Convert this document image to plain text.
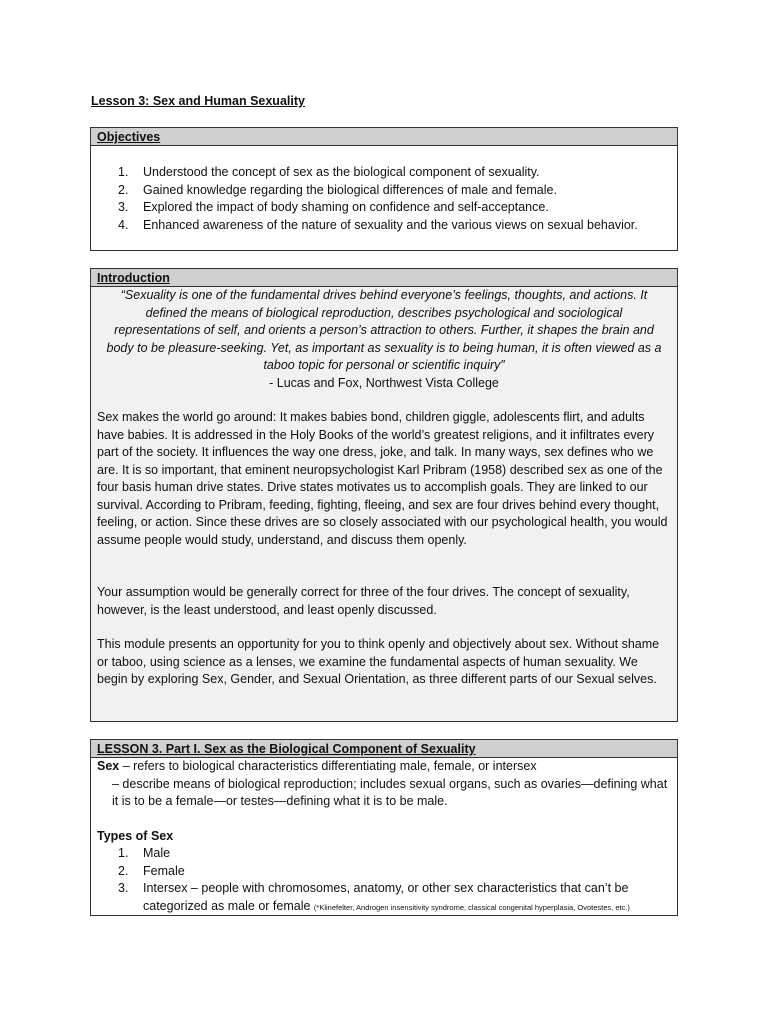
Lesson 3: Sex and Human Sexuality
Objectives
1.	Understood the concept of sex as the biological component of sexuality.
2.	Gained knowledge regarding the biological differences of male and female.
3.	Explored the impact of body shaming on confidence and self-acceptance.
4.	Enhanced awareness of the nature of sexuality and the various views on sexual behavior.
Introduction
“Sexuality is one of the fundamental drives behind everyone’s feelings, thoughts, and actions. It defined the means of biological reproduction, describes psychological and sociological representations of self, and orients a person’s attraction to others. Further, it shapes the brain and body to be pleasure-seeking. Yet, as important as sexuality is to being human, it is often viewed as a taboo topic for personal or scientific inquiry”
- Lucas and Fox, Northwest Vista College

Sex makes the world go around: It makes babies bond, children giggle, adolescents flirt, and adults have babies. It is addressed in the Holy Books of the world’s greatest religions, and it infiltrates every part of the society. It influences the way one dress, joke, and talk. In many ways, sex defines who we are. It is so important, that eminent neuropsychologist Karl Pribram (1958) described sex as one of the four basis human drive states. Drive states motivates us to accomplish goals. They are linked to our survival. According to Pribram, feeding, fighting, fleeing, and sex are four drives behind every thought, feeling, or action. Since these drives are so closely associated with our psychological health, you would assume people would study, understand, and discuss them openly.

Your assumption would be generally correct for three of the four drives. The concept of sexuality, however, is the least understood, and least openly discussed.

This module presents an opportunity for you to think openly and objectively about sex. Without shame or taboo, using science as a lenses, we examine the fundamental aspects of human sexuality. We begin by exploring Sex, Gender, and Sexual Orientation, as three different parts of our Sexual selves.

LESSON 3. Part I. Sex as the Biological Component of Sexuality
Sex – refers to biological characteristics differentiating male, female, or intersex
– describe means of biological reproduction; includes sexual organs, such as ovaries—defining what it is to be a female—or testes—defining what it is to be male.
Types of Sex
1.	Male
2.	Female
3.	Intersex – people with chromosomes, anatomy, or other sex characteristics that can’t be categorized as male or female (*Klinefelter, Androgen insensitivity syndrome, classical congenital hyperplasia, Ovotestes, etc.)
